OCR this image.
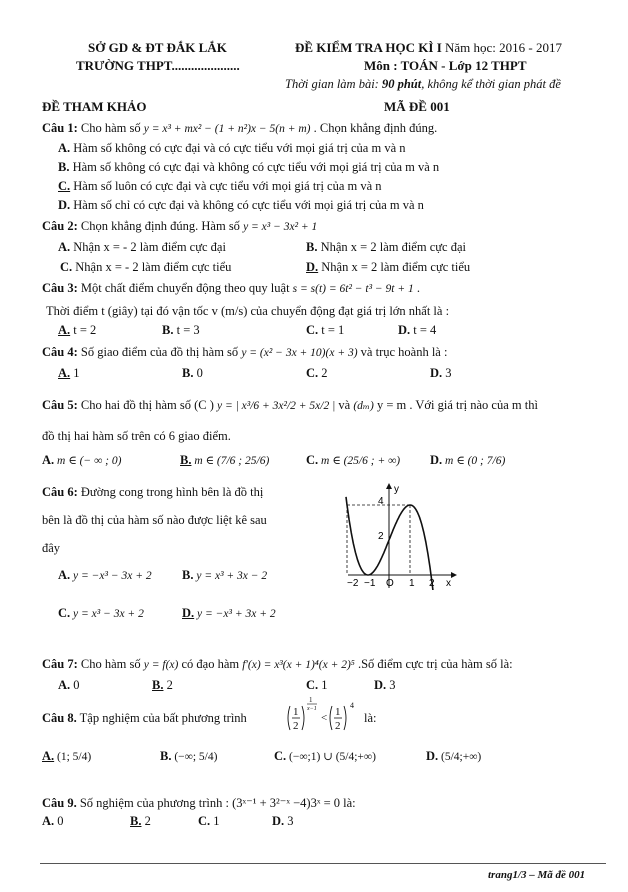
SỞ GD & ĐT ĐẮK LẮK
TRƯỜNG THPT.....................
ĐỀ KIỂM TRA HỌC KÌ I Năm học: 2016 - 2017
Môn : TOÁN - Lớp 12 THPT
Thời gian làm bài: 90 phút, không kể thời gian phát đề
ĐỀ THAM KHẢO	MÃ ĐỀ 001
Câu 1: Cho hàm số y = x³ + mx² − (1 + n²)x − 5(n + m) . Chọn khẳng định đúng.
A. Hàm số không có cực đại và có cực tiểu với mọi giá trị của m và n
B. Hàm số không có cực đại và không có cực tiểu với mọi giá trị của m và n
C. Hàm số luôn có cực đại và cực tiểu với mọi giá trị của m và n
D. Hàm số chỉ có cực đại và không có cực tiểu với mọi giá trị của m và n
Câu 2: Chọn khẳng định đúng. Hàm số y = x³ − 3x² + 1
A. Nhận x = - 2 làm điểm cực đại	B. Nhận x = 2 làm điểm cực đại
C. Nhận x = - 2 làm điểm cực tiểu	D. Nhận x = 2 làm điểm cực tiểu
Câu 3: Một chất điểm chuyển động theo quy luật s = s(t) = 6t² − t³ − 9t + 1 .
Thời điểm t (giây) tại đó vận tốc v (m/s) của chuyển động đạt giá trị lớn nhất là :
A. t = 2	B. t = 3	C. t = 1	D. t = 4
Câu 4: Số giao điểm của đồ thị hàm số y = (x² − 3x + 10)(x + 3) và trục hoành là :
A. 1	B. 0	C. 2	D. 3
Câu 5: Cho hai đồ thị hàm số (C ) y = | x³/6 + 3x²/2 + 5x/2 | và (dₘ) y = m . Với giá trị nào của m thì
đồ thị hai hàm số trên có 6 giao điểm.
A. m ∈ (− ∞ ; 0)	B. m ∈ (7/6 ; 25/6)	C. m ∈ (25/6 ; + ∞) D. m ∈ (0 ; 7/6)
Câu 6: Đường cong trong hình bên là đồ thị
bên là đồ thị của hàm số nào được liệt kê sau
đây
A. y = −x³ − 3x + 2 B. y = x³ + 3x − 2
C. y = x³ − 3x + 2	D. y = −x³ + 3x + 2
y
x
4
2
−2 −1 O 1 2
Câu 7: Cho hàm số y = f(x) có đạo hàm f′(x) = x³(x + 1)⁴(x + 2)⁵ .Số điểm cực trị của hàm số là:
A. 0	B. 2	C. 1	D. 3
Câu 8. Tập nghiệm của bất phương trình	1
2
1
x−1
< 1
2
4
là:
A. (1; 5/4)	B. (−∞; 5/4)	C. (−∞;1) ∪ (5/4;+∞)	D. (5/4;+∞)
Câu 9. Số nghiệm của phương trình : (3ˣ⁻¹ + 3²⁻ˣ −4)3ˣ = 0 là:
A. 0	B. 2	C. 1	D. 3
trang1/3 – Mã đề 001
